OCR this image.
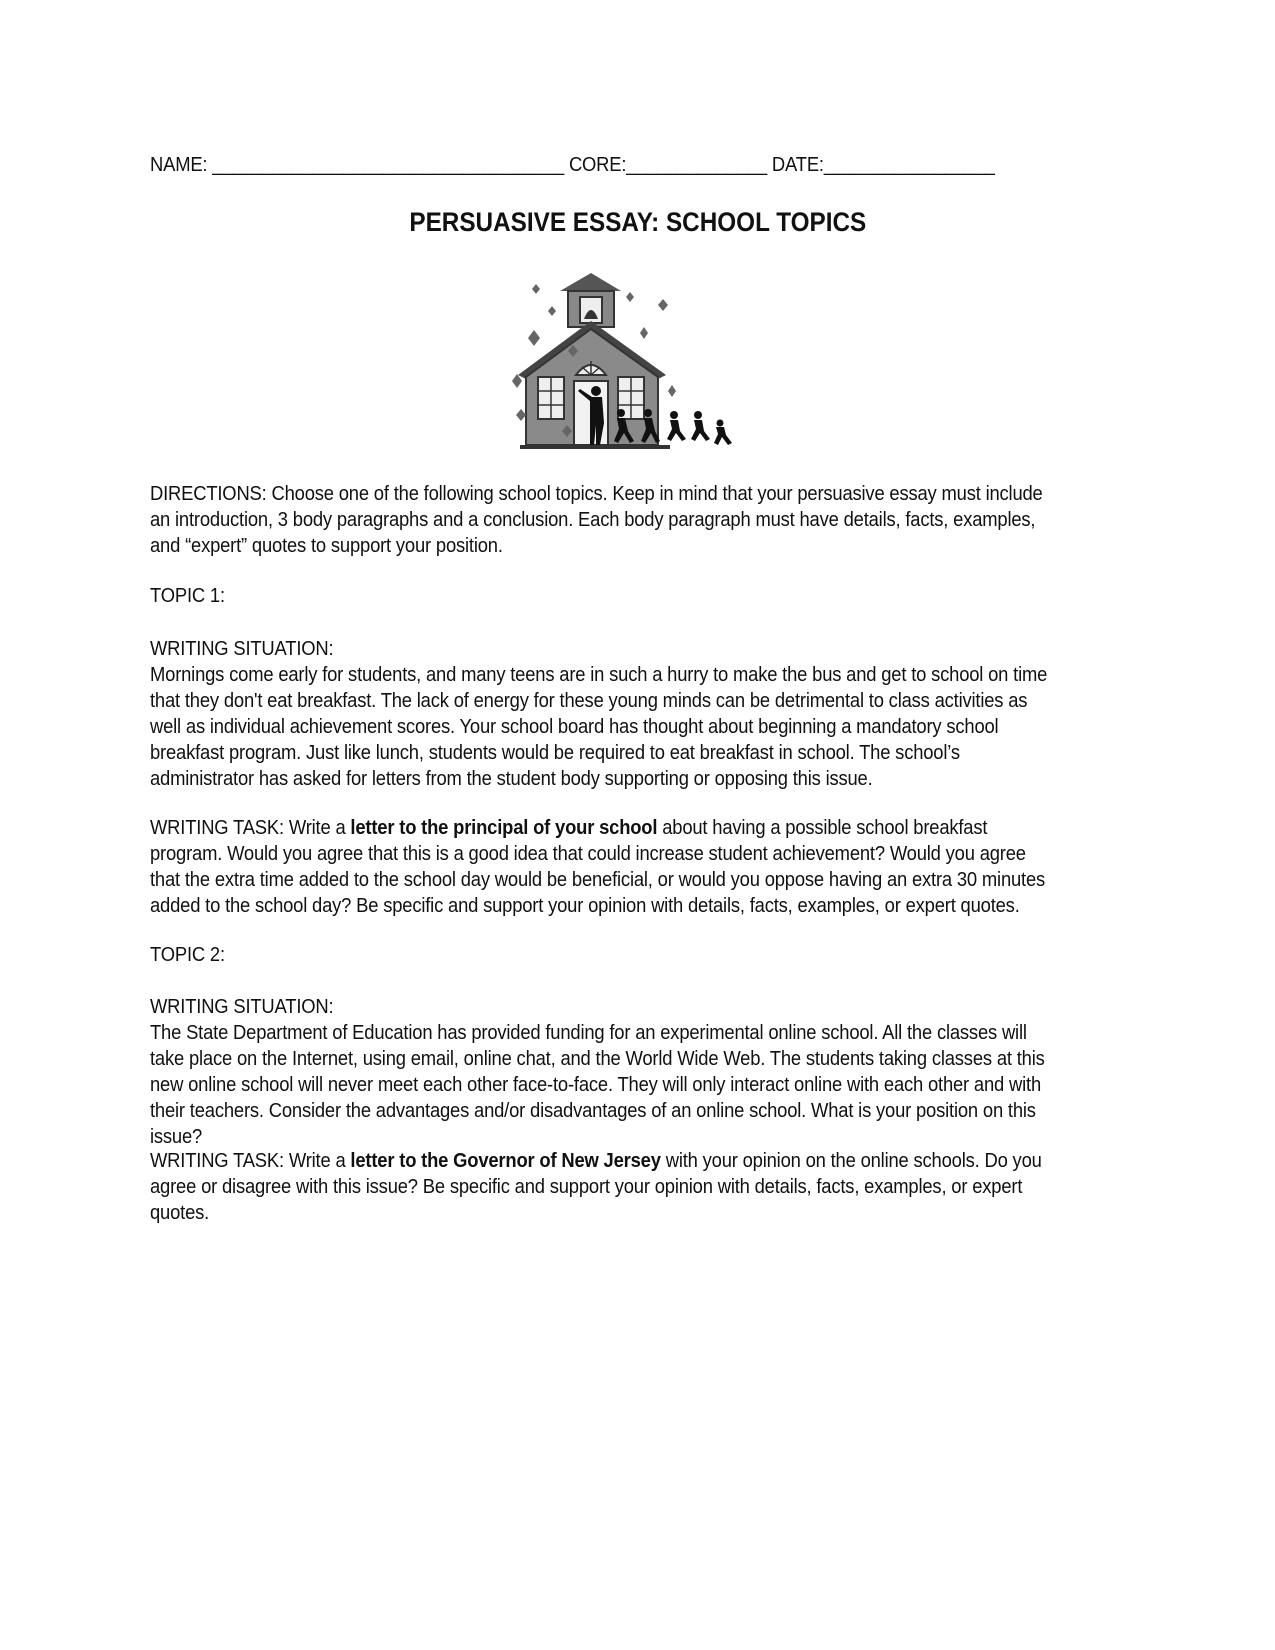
NAME: ___________________________________ CORE:______________ DATE:_________________
PERSUASIVE ESSAY: SCHOOL TOPICS
DIRECTIONS: Choose one of the following school topics. Keep in mind that your persuasive essay must include an introduction, 3 body paragraphs and a conclusion. Each body paragraph must have details, facts, examples, and “expert” quotes to support your position.
TOPIC 1:
WRITING SITUATION:
Mornings come early for students, and many teens are in such a hurry to make the bus and get to school on time that they don't eat breakfast. The lack of energy for these young minds can be detrimental to class activities as well as individual achievement scores. Your school board has thought about beginning a mandatory school breakfast program. Just like lunch, students would be required to eat breakfast in school. The school’s administrator has asked for letters from the student body supporting or opposing this issue.
WRITING TASK: Write a letter to the principal of your school about having a possible school breakfast program. Would you agree that this is a good idea that could increase student achievement? Would you agree that the extra time added to the school day would be beneficial, or would you oppose having an extra 30 minutes added to the school day? Be specific and support your opinion with details, facts, examples, or expert quotes.
TOPIC 2:
WRITING SITUATION:
The State Department of Education has provided funding for an experimental online school. All the classes will take place on the Internet, using email, online chat, and the World Wide Web. The students taking classes at this new online school will never meet each other face-to-face. They will only interact online with each other and with their teachers. Consider the advantages and/or disadvantages of an online school. What is your position on this issue?
WRITING TASK: Write a letter to the Governor of New Jersey with your opinion on the online schools. Do you agree or disagree with this issue? Be specific and support your opinion with details, facts, examples, or expert quotes.
